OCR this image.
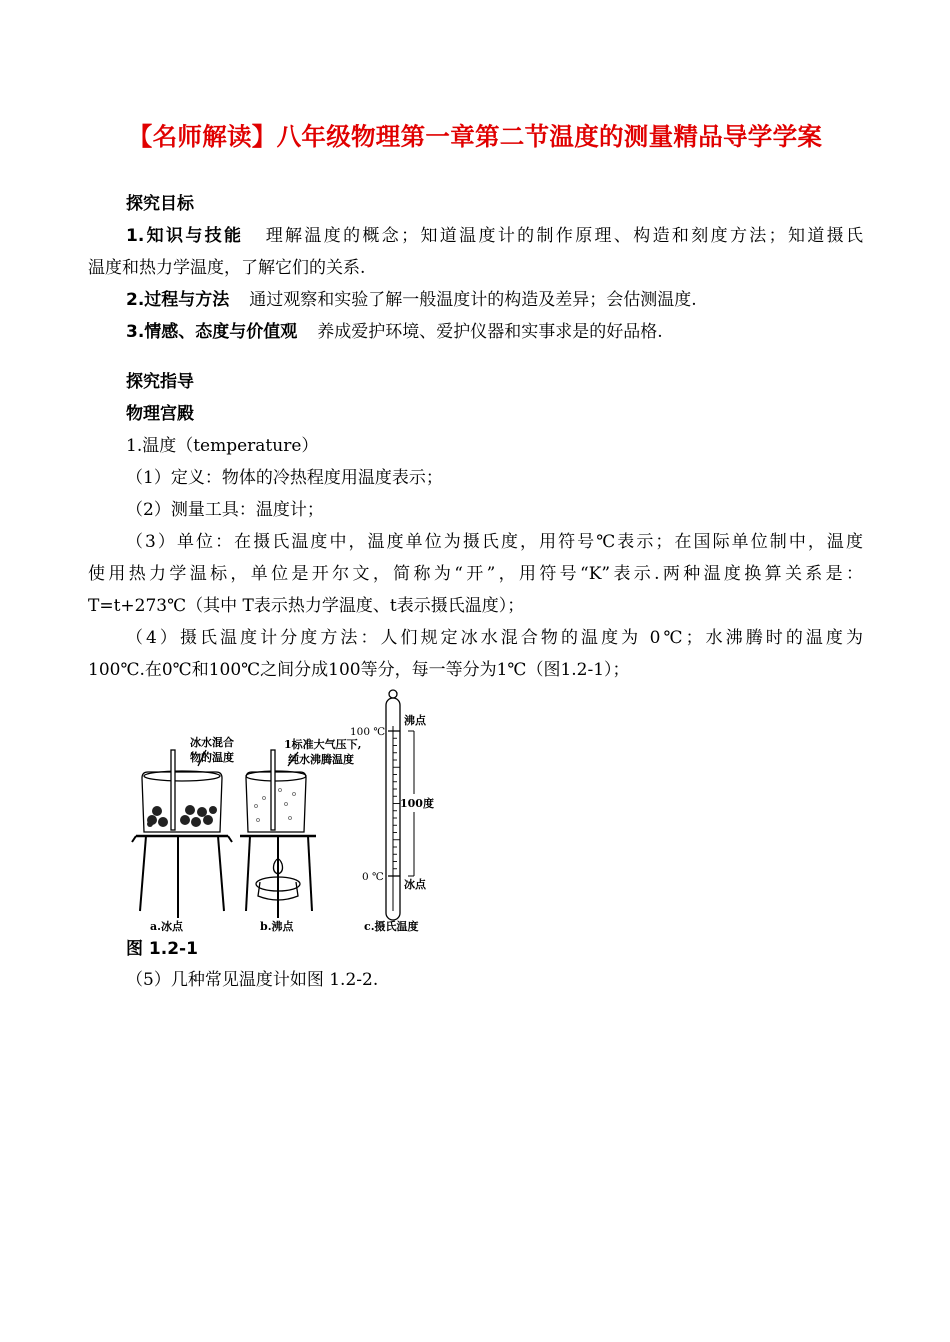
【名师解读】八年级物理第一章第二节温度的测量精品导学学案
探究目标
1.知识与技能 理解温度的概念；知道温度计的制作原理、构造和刻度方法；知道摄氏
温度和热力学温度，了解它们的关系.
2.过程与方法 通过观察和实验了解一般温度计的构造及差异；会估测温度.
3.情感、态度与价值观 养成爱护环境、爱护仪器和实事求是的好品格.
探究指导
物理宫殿
1.温度（temperature）
（1）定义：物体的冷热程度用温度表示；
（2）测量工具：温度计；
（3）单位：在摄氏温度中，温度单位为摄氏度，用符号℃表示；在国际单位制中，温度
使用热力学温标，单位是开尔文，简称为“开”，用符号“K”表示.两种温度换算关系是：
T=t+273℃（其中 T表示热力学温度、t表示摄氏温度）；
（4）摄氏温度计分度方法：人们规定冰水混合物的温度为 0℃；水沸腾时的温度为
100℃.在0℃和100℃之间分成100等分，每一等分为1℃（图1.2-1）；
冰水混合
物的温度
1标准大气压下,
纯水沸腾温度
100 ℃
0 ℃
沸点
冰点
100度
a.冰点	b.沸点	c.摄氏温度
图 1.2-1
（5）几种常见温度计如图 1.2-2.
